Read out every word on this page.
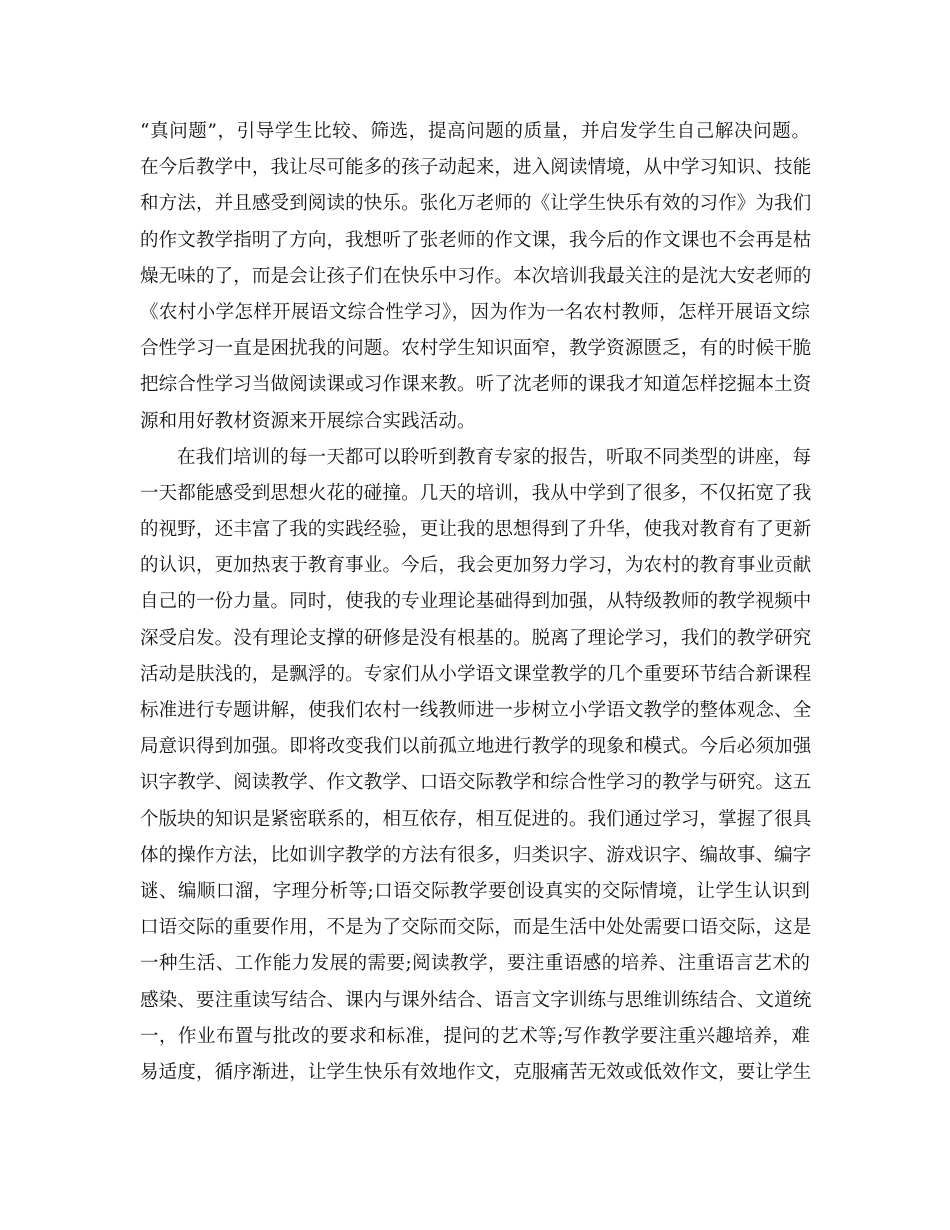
“真问题”，引导学生比较、筛选，提高问题的质量，并启发学生自己解决问题。
在今后教学中，我让尽可能多的孩子动起来，进入阅读情境，从中学习知识、技能
和方法，并且感受到阅读的快乐。张化万老师的《让学生快乐有效的习作》为我们
的作文教学指明了方向，我想听了张老师的作文课，我今后的作文课也不会再是枯
燥无味的了，而是会让孩子们在快乐中习作。本次培训我最关注的是沈大安老师的
《农村小学怎样开展语文综合性学习》，因为作为一名农村教师，怎样开展语文综
合性学习一直是困扰我的问题。农村学生知识面窄，教学资源匮乏，有的时候干脆
把综合性学习当做阅读课或习作课来教。听了沈老师的课我才知道怎样挖掘本土资
源和用好教材资源来开展综合实践活动。
在我们培训的每一天都可以聆听到教育专家的报告，听取不同类型的讲座，每
一天都能感受到思想火花的碰撞。几天的培训，我从中学到了很多，不仅拓宽了我
的视野，还丰富了我的实践经验，更让我的思想得到了升华，使我对教育有了更新
的认识，更加热衷于教育事业。今后，我会更加努力学习，为农村的教育事业贡献
自己的一份力量。同时，使我的专业理论基础得到加强，从特级教师的教学视频中
深受启发。没有理论支撑的研修是没有根基的。脱离了理论学习，我们的教学研究
活动是肤浅的，是飘浮的。专家们从小学语文课堂教学的几个重要环节结合新课程
标准进行专题讲解，使我们农村一线教师进一步树立小学语文教学的整体观念、全
局意识得到加强。即将改变我们以前孤立地进行教学的现象和模式。今后必须加强
识字教学、阅读教学、作文教学、口语交际教学和综合性学习的教学与研究。这五
个版块的知识是紧密联系的，相互依存，相互促进的。我们通过学习，掌握了很具
体的操作方法，比如训字教学的方法有很多，归类识字、游戏识字、编故事、编字
谜、编顺口溜，字理分析等;口语交际教学要创设真实的交际情境，让学生认识到
口语交际的重要作用，不是为了交际而交际，而是生活中处处需要口语交际，这是
一种生活、工作能力发展的需要;阅读教学，要注重语感的培养、注重语言艺术的
感染、要注重读写结合、课内与课外结合、语言文字训练与思维训练结合、文道统
一，作业布置与批改的要求和标准，提问的艺术等;写作教学要注重兴趣培养，难
易适度，循序渐进，让学生快乐有效地作文，克服痛苦无效或低效作文，要让学生
